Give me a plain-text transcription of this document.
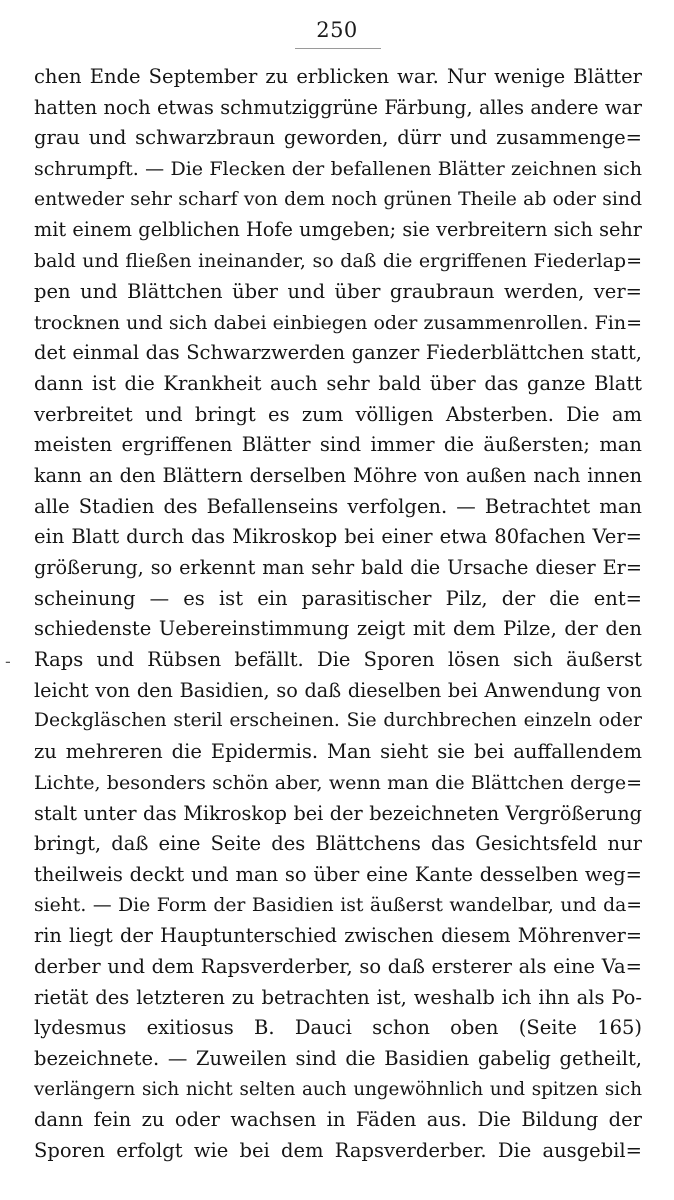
250
-
chen Ende September zu erblicken war. Nur wenige Blätter
hatten noch etwas schmutziggrüne Färbung, alles andere war
grau und schwarzbraun geworden, dürr und zusammenge=
schrumpft. — Die Flecken der befallenen Blätter zeichnen sich
entweder sehr scharf von dem noch grünen Theile ab oder sind
mit einem gelblichen Hofe umgeben; sie verbreitern sich sehr
bald und fließen ineinander, so daß die ergriffenen Fiederlap=
pen und Blättchen über und über graubraun werden, ver=
trocknen und sich dabei einbiegen oder zusammenrollen. Fin=
det einmal das Schwarzwerden ganzer Fiederblättchen statt,
dann ist die Krankheit auch sehr bald über das ganze Blatt
verbreitet und bringt es zum völligen Absterben. Die am
meisten ergriffenen Blätter sind immer die äußersten; man
kann an den Blättern derselben Möhre von außen nach innen
alle Stadien des Befallenseins verfolgen. — Betrachtet man
ein Blatt durch das Mikroskop bei einer etwa 80fachen Ver=
größerung, so erkennt man sehr bald die Ursache dieser Er=
scheinung — es ist ein parasitischer Pilz, der die ent=
schiedenste Uebereinstimmung zeigt mit dem Pilze, der den
Raps und Rübsen befällt. Die Sporen lösen sich äußerst
leicht von den Basidien, so daß dieselben bei Anwendung von
Deckgläschen steril erscheinen. Sie durchbrechen einzeln oder
zu mehreren die Epidermis. Man sieht sie bei auffallendem
Lichte, besonders schön aber, wenn man die Blättchen derge=
stalt unter das Mikroskop bei der bezeichneten Vergrößerung
bringt, daß eine Seite des Blättchens das Gesichtsfeld nur
theilweis deckt und man so über eine Kante desselben weg=
sieht. — Die Form der Basidien ist äußerst wandelbar, und da=
rin liegt der Hauptunterschied zwischen diesem Möhrenver=
derber und dem Rapsverderber, so daß ersterer als eine Va=
rietät des letzteren zu betrachten ist, weshalb ich ihn als Po-
lydesmus exitiosus B. Dauci schon oben (Seite 165)
bezeichnete. — Zuweilen sind die Basidien gabelig getheilt,
verlängern sich nicht selten auch ungewöhnlich und spitzen sich
dann fein zu oder wachsen in Fäden aus. Die Bildung der
Sporen erfolgt wie bei dem Rapsverderber. Die ausgebil=
